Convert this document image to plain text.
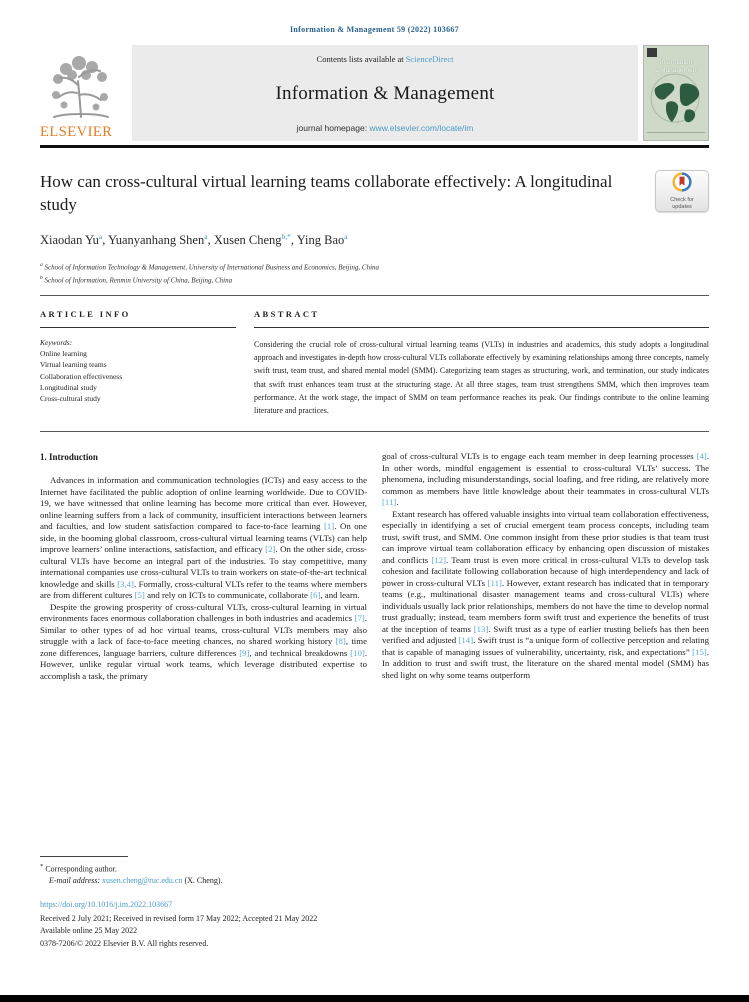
Information & Management 59 (2022) 103667
ELSEVIER
Contents lists available at ScienceDirect
Information & Management
journal homepage: www.elsevier.com/locate/im
Information
& Management
How can cross-cultural virtual learning teams collaborate effectively: A longitudinal study	Check for
updates
Xiaodan Yu$^a$, Yuanyanhang Shen$^a$, Xusen Cheng$^{b,*}$, Ying Bao$^a$
$^a$ School of Information Technology & Management, University of International Business and Economics, Beijing, China
$^b$ School of Information, Renmin University of China, Beijing, China
ARTICLE INFO
Keywords:
Online learning
Virtual learning teams
Collaboration effectiveness
Longitudinal study
Cross-cultural study
ABSTRACT

Considering the crucial role of cross-cultural virtual learning teams (VLTs) in industries and academics, this study adopts a longitudinal approach and investigates in-depth how cross-cultural VLTs collaborate effectively by examining relationships among three concepts, namely swift trust, team trust, and shared mental model (SMM). Categorizing team stages as structuring, work, and termination, our study indicates that swift trust enhances team trust at the structuring stage. At all three stages, team trust strengthens SMM, which then improves team performance. At the work stage, the impact of SMM on team performance reaches its peak. Our findings contribute to the online learning literature and practices.

1. Introduction

Advances in information and communication technologies (ICTs) and easy access to the Internet have facilitated the public adoption of online learning worldwide. Due to COVID-19, we have witnessed that online learning has become more critical than ever. However, online learning suffers from a lack of community, insufficient interactions between learners and faculties, and low student satisfaction compared to face-to-face learning [1]. On one side, in the booming global classroom, cross-cultural virtual learning teams (VLTs) can help improve learners’ online interactions, satisfaction, and efficacy [2]. On the other side, cross-cultural VLTs have become an integral part of the industries. To stay competitive, many international companies use cross-cultural VLTs to train workers on state-of-the-art technical knowledge and skills [3,4]. Formally, cross-cultural VLTs refer to the teams where members are from different cultures [5] and rely on ICTs to communicate, collaborate [6], and learn.

Despite the growing prosperity of cross-cultural VLTs, cross-cultural learning in virtual environments faces enormous collaboration challenges in both industries and academics [7]. Similar to other types of ad hoc virtual teams, cross-cultural VLTs members may also struggle with a lack of face-to-face meeting chances, no shared working history [8], time zone differences, language barriers, culture differences [9], and technical breakdowns [10]. However, unlike regular virtual work teams, which leverage distributed expertise to accomplish a task, the primary

goal of cross-cultural VLTs is to engage each team member in deep learning processes [4]. In other words, mindful engagement is essential to cross-cultural VLTs’ success. The phenomena, including misunderstandings, social loafing, and free riding, are relatively more common as members have little knowledge about their teammates in cross-cultural VLTs [11].

Extant research has offered valuable insights into virtual team collaboration effectiveness, especially in identifying a set of crucial emergent team process concepts, including team trust, swift trust, and SMM. One common insight from these prior studies is that team trust can improve virtual team collaboration efficacy by enhancing open discussion of mistakes and conflicts [12]. Team trust is even more critical in cross-cultural VLTs to develop task cohesion and facilitate following collaboration because of high interdependency and lack of power in cross-cultural VLTs [11]. However, extant research has indicated that in temporary teams (e.g., multinational disaster management teams and cross-cultural VLTs) where individuals usually lack prior relationships, members do not have the time to develop normal trust gradually; instead, team members form swift trust and experience the benefits of trust at the inception of teams [13]. Swift trust as a type of earlier trusting beliefs has then been verified and adjusted [14]. Swift trust is “a unique form of collective perception and relating that is capable of managing issues of vulnerability, uncertainty, risk, and expectations” [15]. In addition to trust and swift trust, the literature on the shared mental model (SMM) has shed light on why some teams outperform

* Corresponding author.
E-mail address: xusen.cheng@ruc.edu.cn (X. Cheng).
https://doi.org/10.1016/j.im.2022.103667
Received 2 July 2021; Received in revised form 17 May 2022; Accepted 21 May 2022
Available online 25 May 2022
0378-7206/© 2022 Elsevier B.V. All rights reserved.
